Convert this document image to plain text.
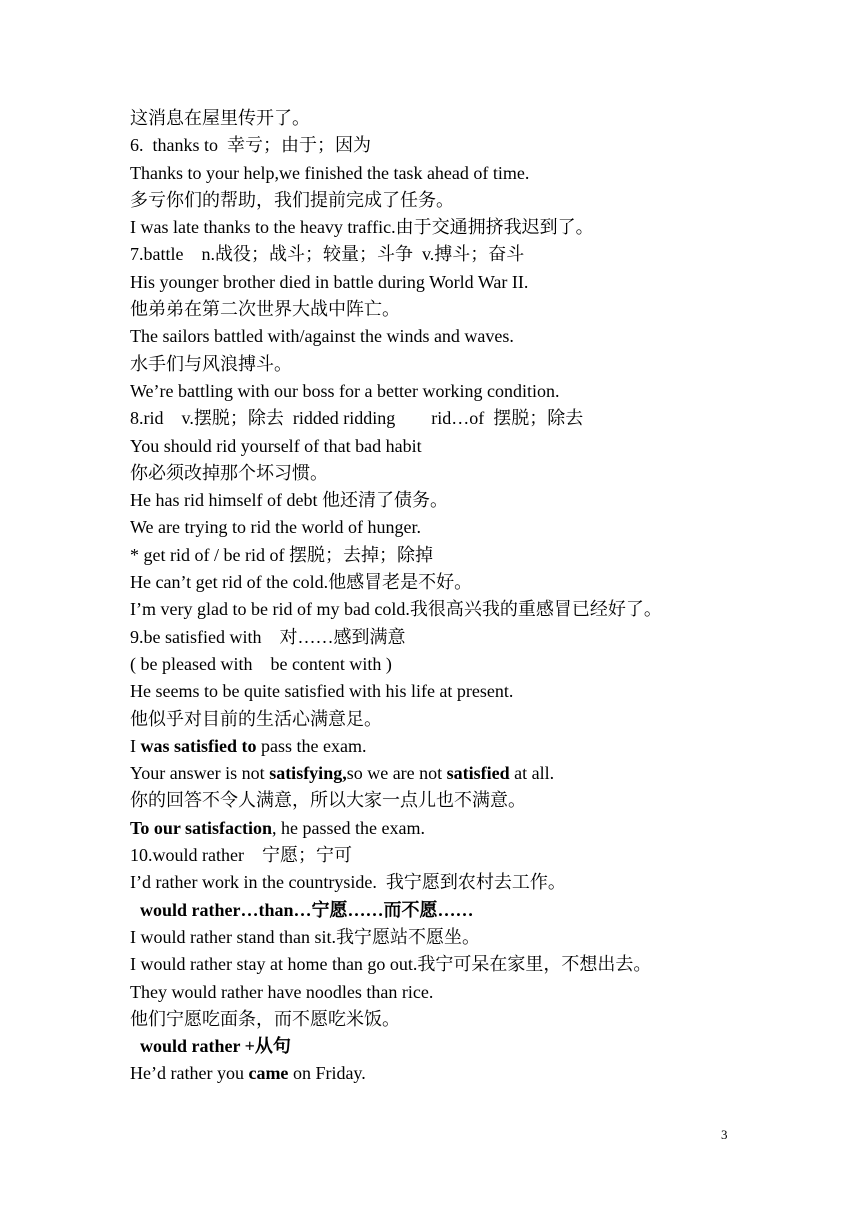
这消息在屋里传开了。
6.  thanks to  幸亏；由于；因为
Thanks to your help,we finished the task ahead of time.
多亏你们的帮助，我们提前完成了任务。
I was late thanks to the heavy traffic.由于交通拥挤我迟到了。
7.battle    n.战役；战斗；较量；斗争  v.搏斗；奋斗
His younger brother died in battle during World War II.
他弟弟在第二次世界大战中阵亡。
The sailors battled with/against the winds and waves.
水手们与风浪搏斗。
We’re battling with our boss for a better working condition.
8.rid    v.摆脱；除去  ridded ridding        rid…of  摆脱；除去
You should rid yourself of that bad habit
你必须改掉那个坏习惯。
He has rid himself of debt 他还清了债务。
We are trying to rid the world of hunger.
* get rid of / be rid of 摆脱；去掉；除掉
He can’t get rid of the cold.他感冒老是不好。
I’m very glad to be rid of my bad cold.我很高兴我的重感冒已经好了。
9.be satisfied with    对……感到满意
( be pleased with    be content with )
He seems to be quite satisfied with his life at present.
他似乎对目前的生活心满意足。
I was satisfied to pass the exam.
Your answer is not satisfying,so we are not satisfied at all.
你的回答不令人满意，所以大家一点儿也不满意。
To our satisfaction, he passed the exam.
10.would rather    宁愿；宁可
I’d rather work in the countryside.  我宁愿到农村去工作。
would rather…than…宁愿……而不愿……
I would rather stand than sit.我宁愿站不愿坐。
I would rather stay at home than go out.我宁可呆在家里，不想出去。
They would rather have noodles than rice.
他们宁愿吃面条，而不愿吃米饭。
would rather +从句
He’d rather you came on Friday.
3
